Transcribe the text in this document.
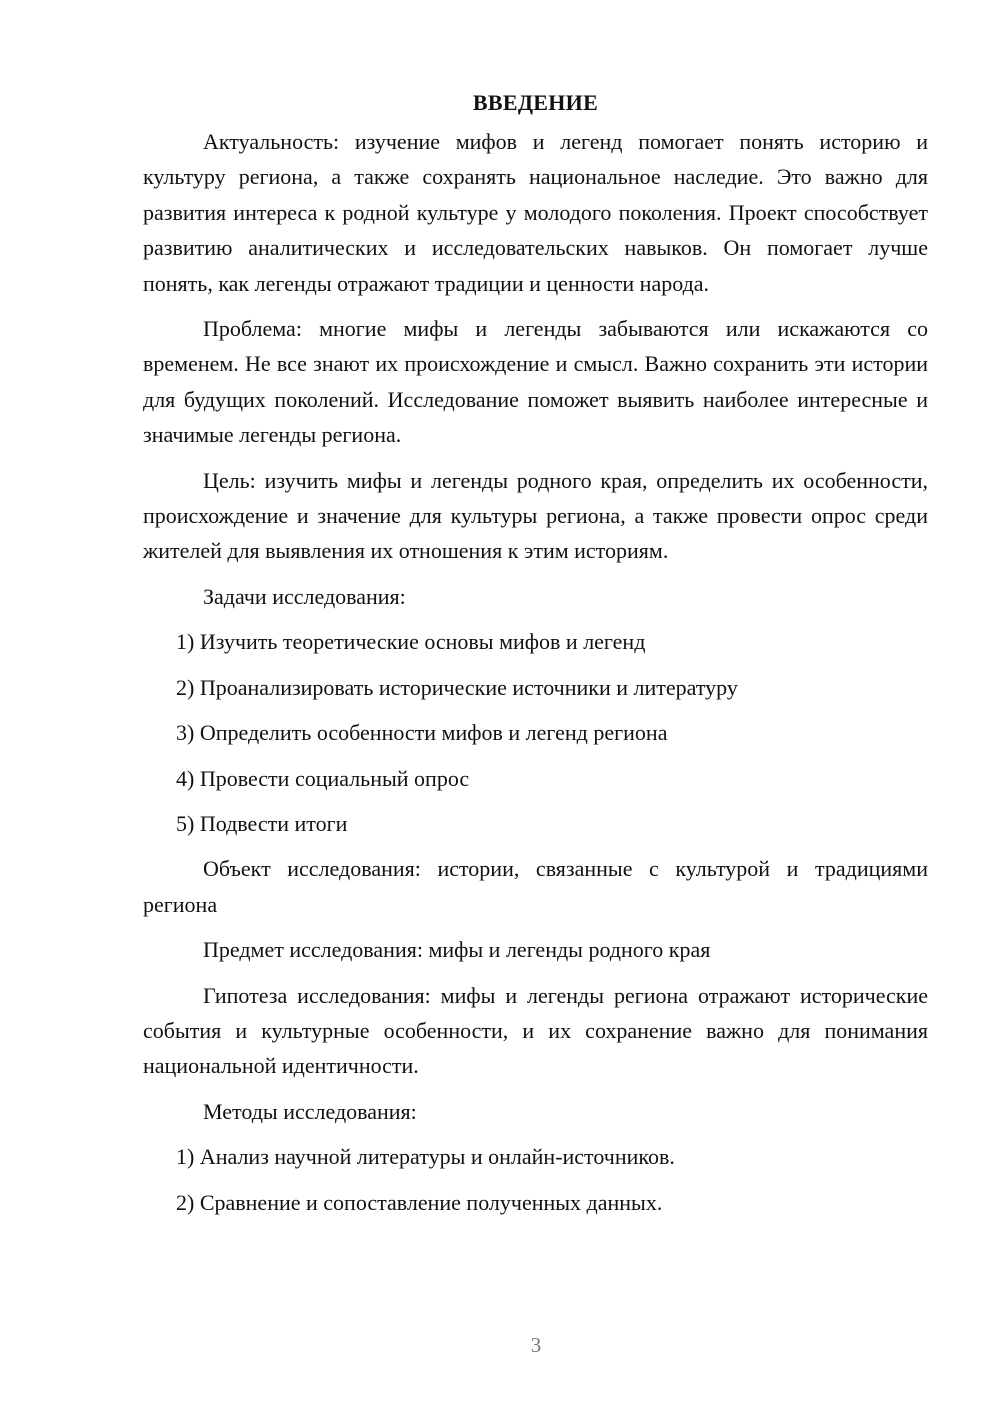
ВВЕДЕНИЕ

Актуальность: изучение мифов и легенд помогает понять историю и культуру региона, а также сохранять национальное наследие. Это важно для развития интереса к родной культуре у молодого поколения. Проект способствует развитию аналитических и исследовательских навыков. Он помогает лучше понять, как легенды отражают традиции и ценности народа.

Проблема: многие мифы и легенды забываются или искажаются со временем. Не все знают их происхождение и смысл. Важно сохранить эти истории для будущих поколений. Исследование поможет выявить наиболее интересные и значимые легенды региона.

Цель: изучить мифы и легенды родного края, определить их особенности, происхождение и значение для культуры региона, а также провести опрос среди жителей для выявления их отношения к этим историям.

Задачи исследования:

1) Изучить теоретические основы мифов и легенд
2) Проанализировать исторические источники и литературу
3) Определить особенности мифов и легенд региона
4) Провести социальный опрос
5) Подвести итоги

Объект исследования: истории, связанные с культурой и традициями региона

Предмет исследования: мифы и легенды родного края

Гипотеза исследования: мифы и легенды региона отражают исторические события и культурные особенности, и их сохранение важно для понимания национальной идентичности.

Методы исследования:

1) Анализ научной литературы и онлайн-источников.
2) Сравнение и сопоставление полученных данных.
3
